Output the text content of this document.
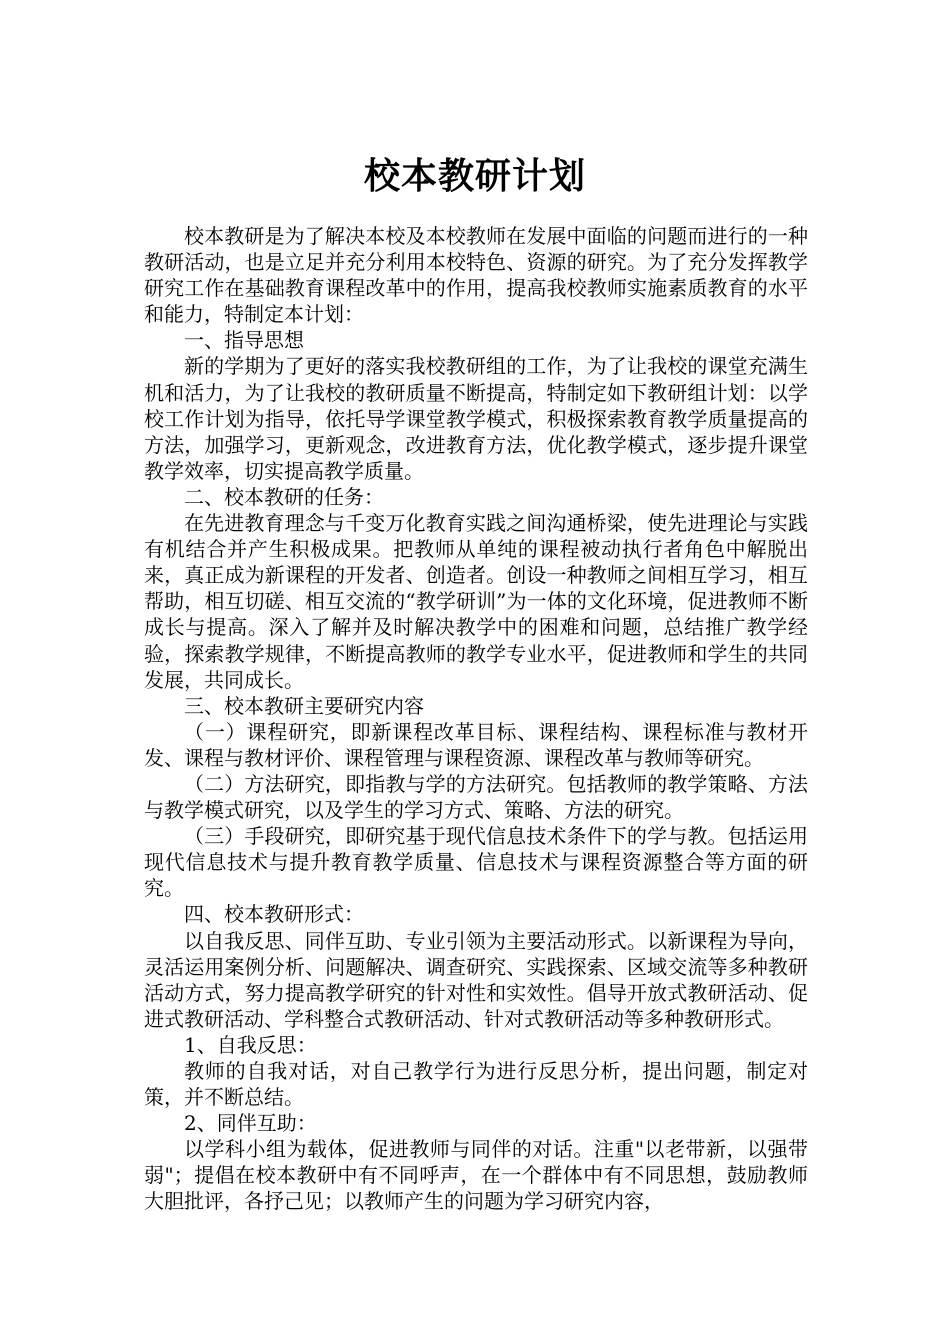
校本教研计划

校本教研是为了解决本校及本校教师在发展中面临的问题而进行的一种教研活动，也是立足并充分利用本校特色、资源的研究。为了充分发挥教学研究工作在基础教育课程改革中的作用，提高我校教师实施素质教育的水平和能力，特制定本计划：

一、指导思想

新的学期为了更好的落实我校教研组的工作，为了让我校的课堂充满生机和活力，为了让我校的教研质量不断提高，特制定如下教研组计划：以学校工作计划为指导，依托导学课堂教学模式，积极探索教育教学质量提高的方法，加强学习，更新观念，改进教育方法，优化教学模式，逐步提升课堂教学效率，切实提高教学质量。

二、校本教研的任务：

在先进教育理念与千变万化教育实践之间沟通桥梁，使先进理论与实践有机结合并产生积极成果。把教师从单纯的课程被动执行者角色中解脱出来，真正成为新课程的开发者、创造者。创设一种教师之间相互学习，相互帮助，相互切磋、相互交流的“教学研训”为一体的文化环境，促进教师不断成长与提高。深入了解并及时解决教学中的困难和问题，总结推广教学经验，探索教学规律，不断提高教师的教学专业水平，促进教师和学生的共同发展，共同成长。

三、校本教研主要研究内容

（一）课程研究，即新课程改革目标、课程结构、课程标准与教材开发、课程与教材评价、课程管理与课程资源、课程改革与教师等研究。

（二）方法研究，即指教与学的方法研究。包括教师的教学策略、方法与教学模式研究，以及学生的学习方式、策略、方法的研究。

（三）手段研究，即研究基于现代信息技术条件下的学与教。包括运用现代信息技术与提升教育教学质量、信息技术与课程资源整合等方面的研究。

四、校本教研形式：

以自我反思、同伴互助、专业引领为主要活动形式。以新课程为导向，灵活运用案例分析、问题解决、调查研究、实践探索、区域交流等多种教研活动方式，努力提高教学研究的针对性和实效性。倡导开放式教研活动、促进式教研活动、学科整合式教研活动、针对式教研活动等多种教研形式。

1、自我反思：

教师的自我对话，对自己教学行为进行反思分析，提出问题，制定对策，并不断总结。

2、同伴互助：

以学科小组为载体，促进教师与同伴的对话。注重"以老带新，以强带弱"；提倡在校本教研中有不同呼声，在一个群体中有不同思想，鼓励教师大胆批评，各抒己见；以教师产生的问题为学习研究内容，
